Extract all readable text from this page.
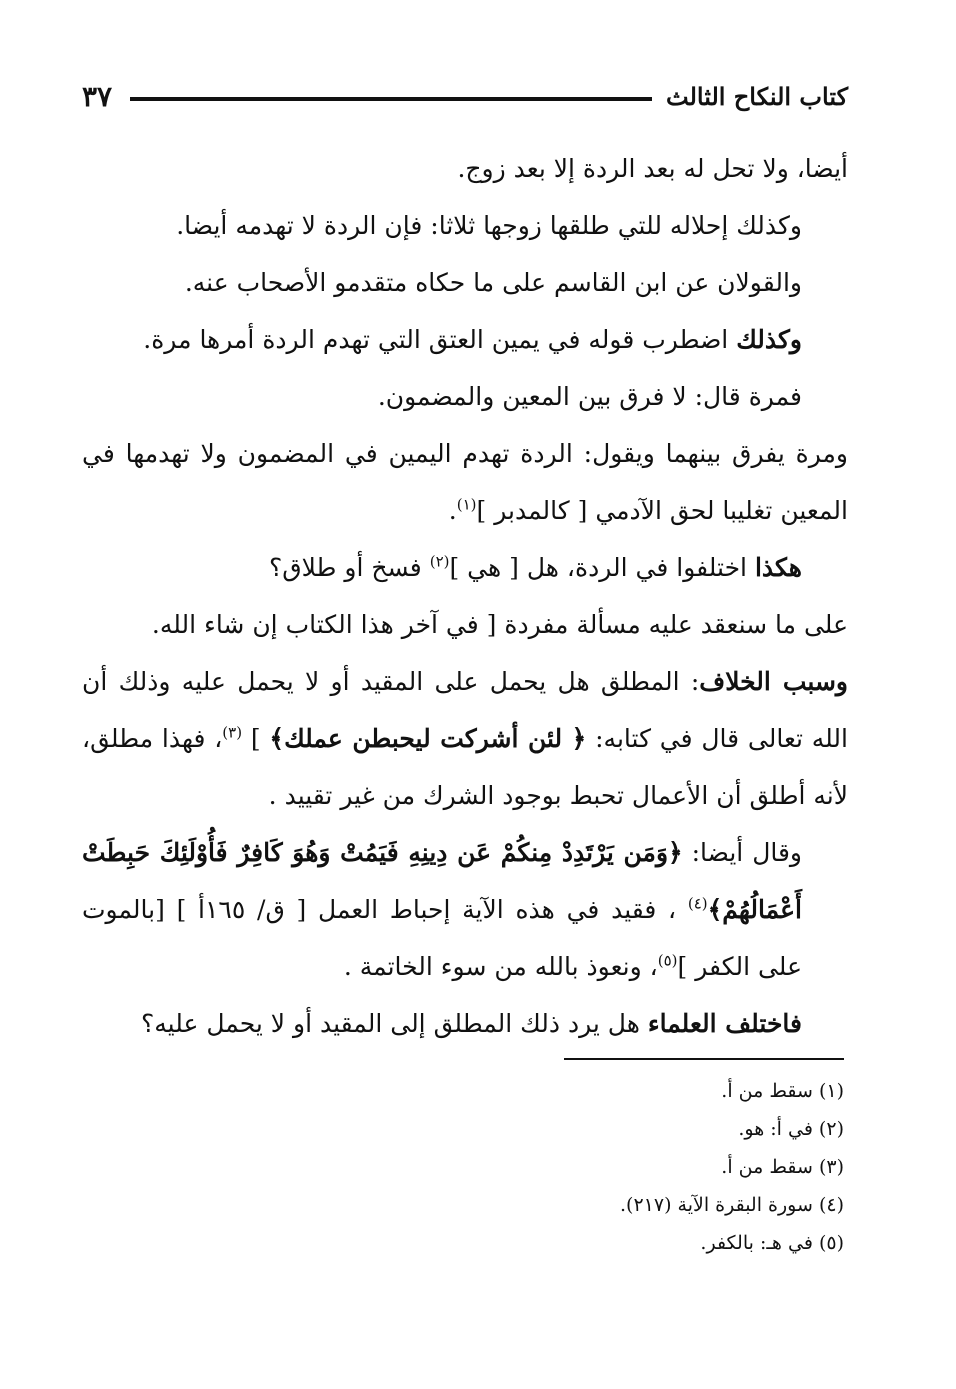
كتاب النكاح الثالث
٣٧

أيضا، ولا تحل له بعد الردة إلا بعد زوج.

وكذلك إحلاله للتي طلقها زوجها ثلاثا: فإن الردة لا تهدمه أيضا.

والقولان عن ابن القاسم على ما حكاه متقدمو الأصحاب عنه.

وكذلك اضطرب قوله في يمين العتق التي تهدم الردة أمرها مرة.

فمرة قال: لا فرق بين المعين والمضمون.

ومرة يفرق بينهما ويقول: الردة تهدم اليمين في المضمون ولا تهدمها في المعين تغليبا لحق الآدمي [ كالمدبر ]$^{(١)}$.

هكذا اختلفوا في الردة، هل [ هي ]$^{(٢)}$ فسخ أو طلاق؟

على ما سنعقد عليه مسألة مفردة [ في آخر هذا الكتاب إن شاء الله.

وسبب الخلاف: المطلق هل يحمل على المقيد أو لا يحمل عليه وذلك أن الله تعالى قال في كتابه: ﴿ لئن أشركت ليحبطن عملك﴾ ] $^{(٣)}$، فهذا مطلق، لأنه أطلق أن الأعمال تحبط بوجود الشرك من غير تقييد .

وقال أيضا: ﴿وَمَن يَرْتَدِدْ مِنكُمْ عَن دِينِهِ فَيَمُتْ وَهُوَ كَافِرٌ فَأُوْلَئِكَ حَبِطَتْ أَعْمَالُهُمْ﴾$^{(٤)}$ ، فقيد في هذه الآية إحباط العمل [ ق/ ١٦٥أ ] [بالموت على الكفر ]$^{(٥)}$، ونعوذ بالله من سوء الخاتمة .

فاختلف العلماء هل يرد ذلك المطلق إلى المقيد أو لا يحمل عليه؟

(١) سقط من أ.

(٢) في أ: هو.

(٣) سقط من أ.

(٤) سورة البقرة الآية (٢١٧).

(٥) في هـ: بالكفر.
